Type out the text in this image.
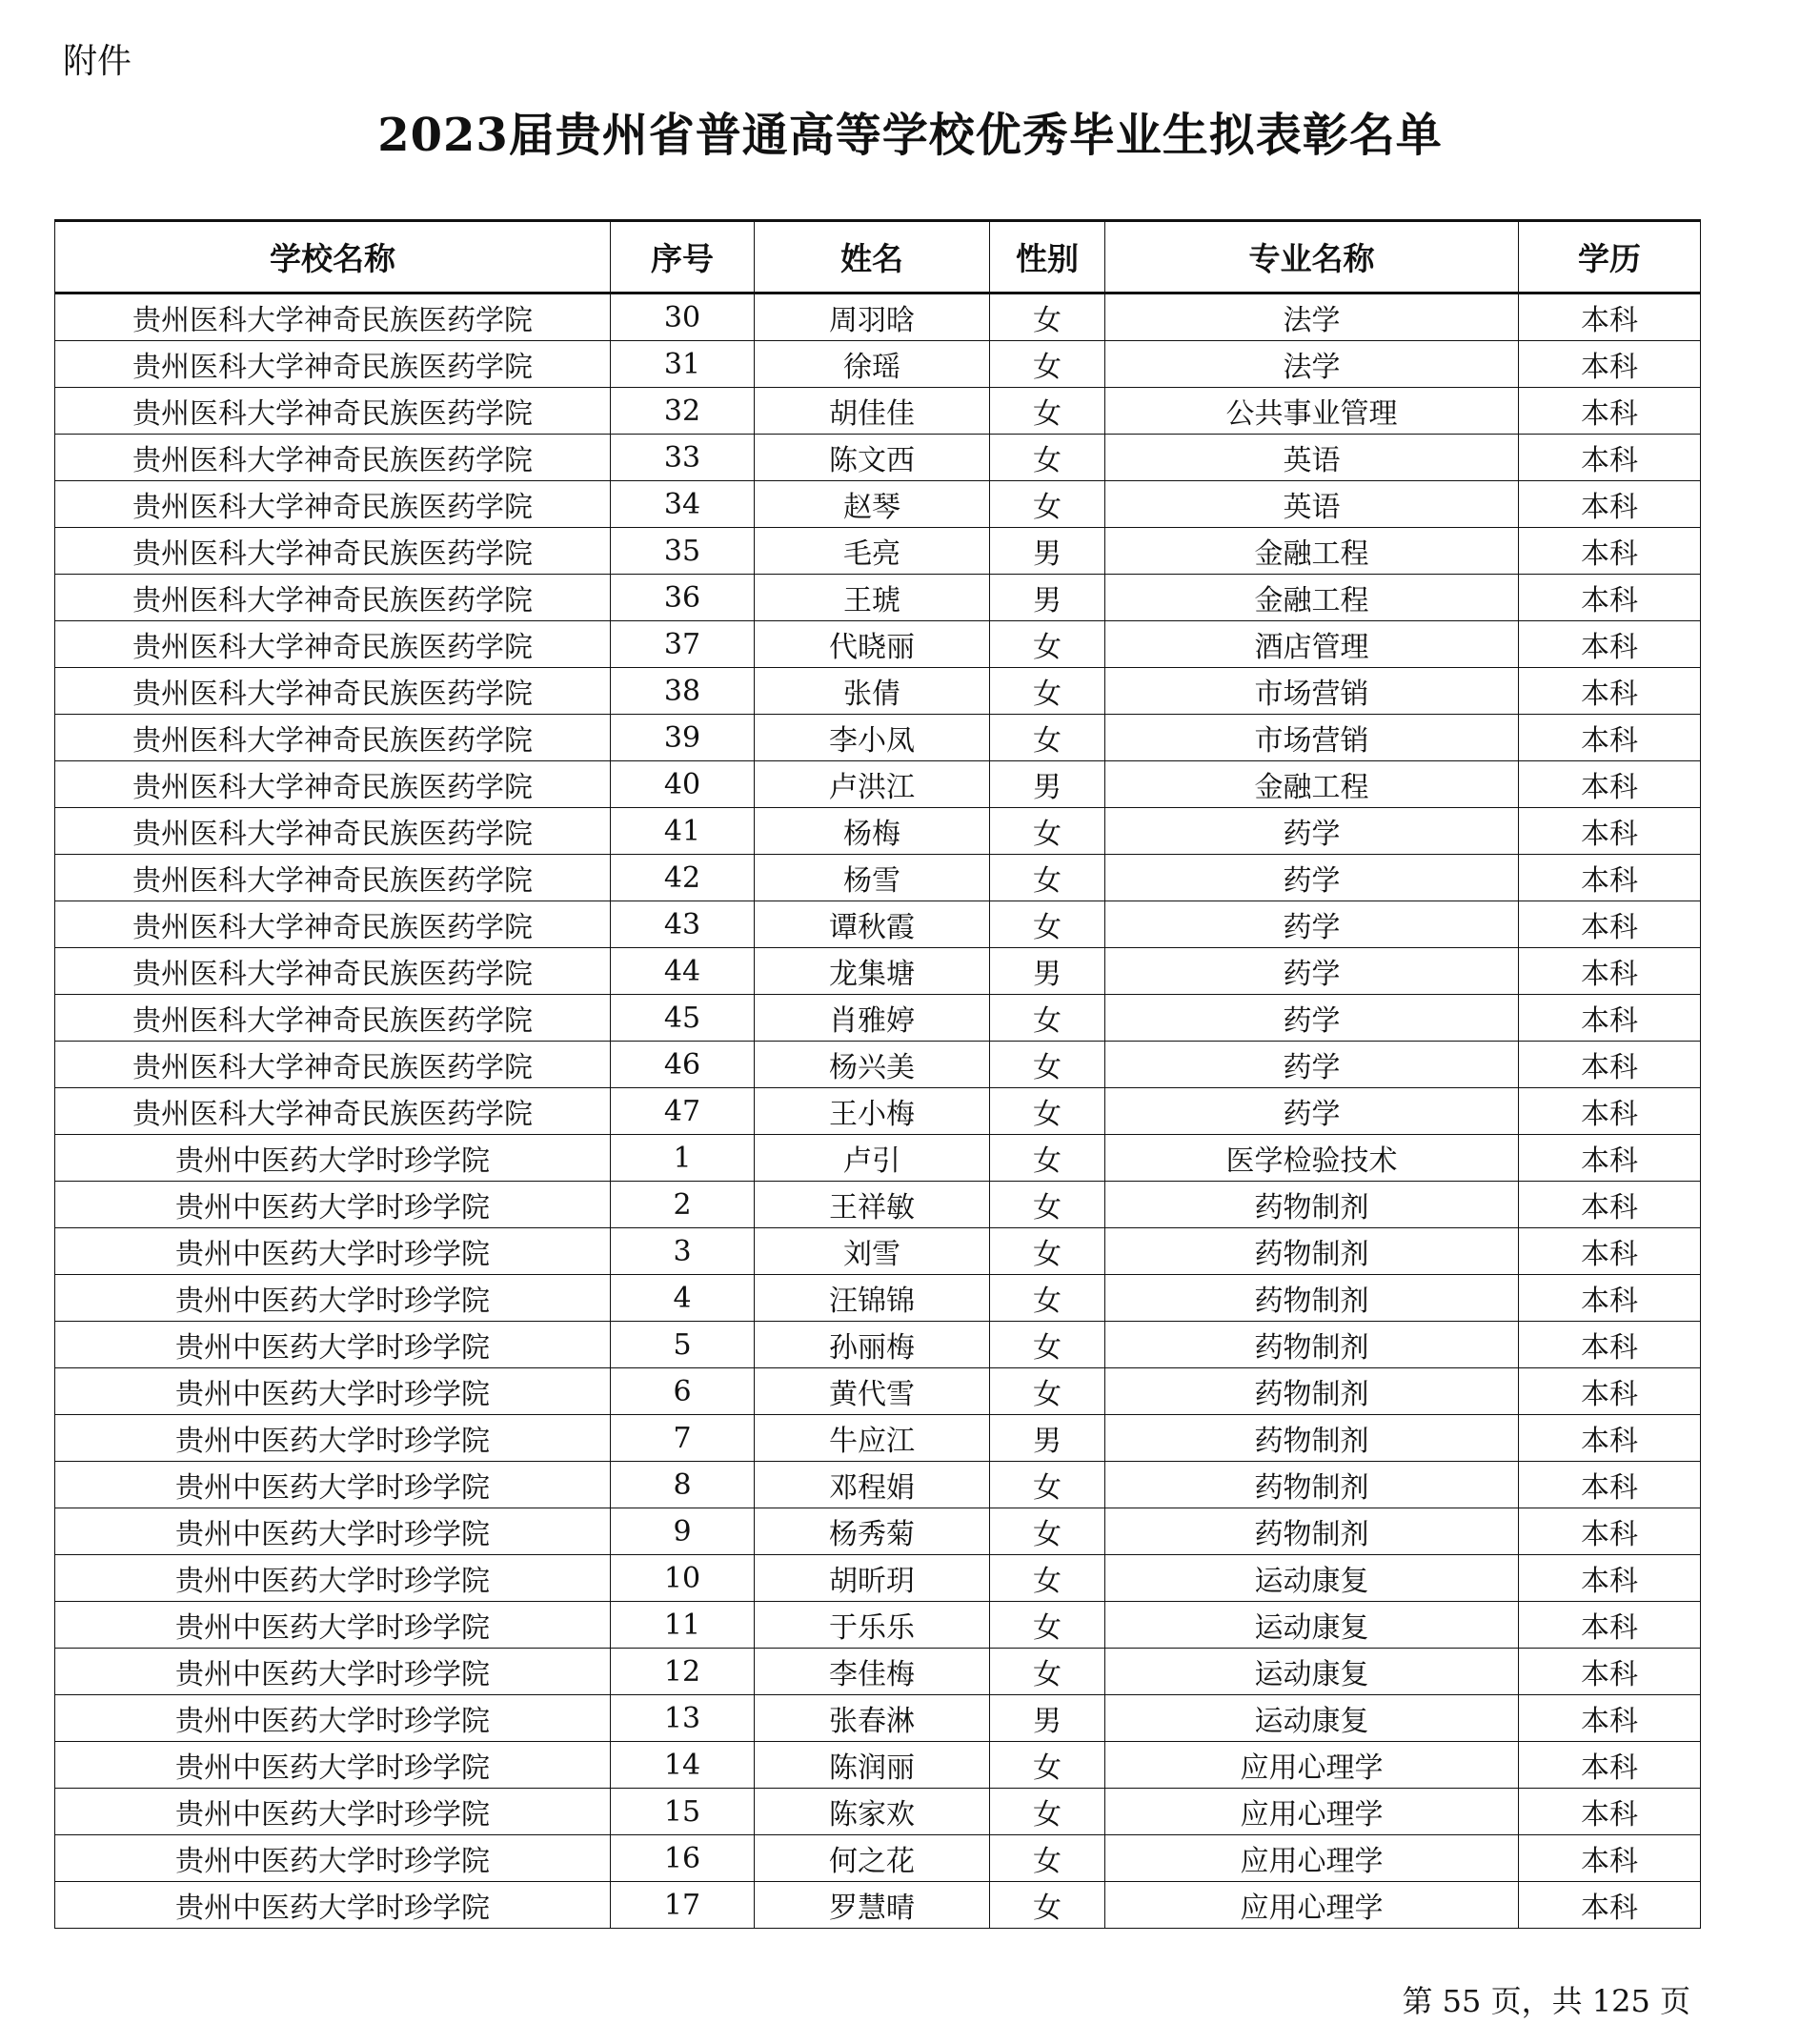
附件
2023届贵州省普通高等学校优秀毕业生拟表彰名单
学校名称	序号	姓名	性别	专业名称	学历
贵州医科大学神奇民族医药学院	30	周羽晗	女	法学	本科
贵州医科大学神奇民族医药学院	31	徐瑶	女	法学	本科
贵州医科大学神奇民族医药学院	32	胡佳佳	女	公共事业管理	本科
贵州医科大学神奇民族医药学院	33	陈文西	女	英语	本科
贵州医科大学神奇民族医药学院	34	赵琴	女	英语	本科
贵州医科大学神奇民族医药学院	35	毛亮	男	金融工程	本科
贵州医科大学神奇民族医药学院	36	王琥	男	金融工程	本科
贵州医科大学神奇民族医药学院	37	代晓丽	女	酒店管理	本科
贵州医科大学神奇民族医药学院	38	张倩	女	市场营销	本科
贵州医科大学神奇民族医药学院	39	李小凤	女	市场营销	本科
贵州医科大学神奇民族医药学院	40	卢洪江	男	金融工程	本科
贵州医科大学神奇民族医药学院	41	杨梅	女	药学	本科
贵州医科大学神奇民族医药学院	42	杨雪	女	药学	本科
贵州医科大学神奇民族医药学院	43	谭秋霞	女	药学	本科
贵州医科大学神奇民族医药学院	44	龙集塘	男	药学	本科
贵州医科大学神奇民族医药学院	45	肖雅婷	女	药学	本科
贵州医科大学神奇民族医药学院	46	杨兴美	女	药学	本科
贵州医科大学神奇民族医药学院	47	王小梅	女	药学	本科
贵州中医药大学时珍学院	1	卢引	女	医学检验技术	本科
贵州中医药大学时珍学院	2	王祥敏	女	药物制剂	本科
贵州中医药大学时珍学院	3	刘雪	女	药物制剂	本科
贵州中医药大学时珍学院	4	汪锦锦	女	药物制剂	本科
贵州中医药大学时珍学院	5	孙丽梅	女	药物制剂	本科
贵州中医药大学时珍学院	6	黄代雪	女	药物制剂	本科
贵州中医药大学时珍学院	7	牛应江	男	药物制剂	本科
贵州中医药大学时珍学院	8	邓程娟	女	药物制剂	本科
贵州中医药大学时珍学院	9	杨秀菊	女	药物制剂	本科
贵州中医药大学时珍学院	10	胡昕玥	女	运动康复	本科
贵州中医药大学时珍学院	11	于乐乐	女	运动康复	本科
贵州中医药大学时珍学院	12	李佳梅	女	运动康复	本科
贵州中医药大学时珍学院	13	张春淋	男	运动康复	本科
贵州中医药大学时珍学院	14	陈润丽	女	应用心理学	本科
贵州中医药大学时珍学院	15	陈家欢	女	应用心理学	本科
贵州中医药大学时珍学院	16	何之花	女	应用心理学	本科
贵州中医药大学时珍学院	17	罗慧晴	女	应用心理学	本科
第 55 页，共 125 页
